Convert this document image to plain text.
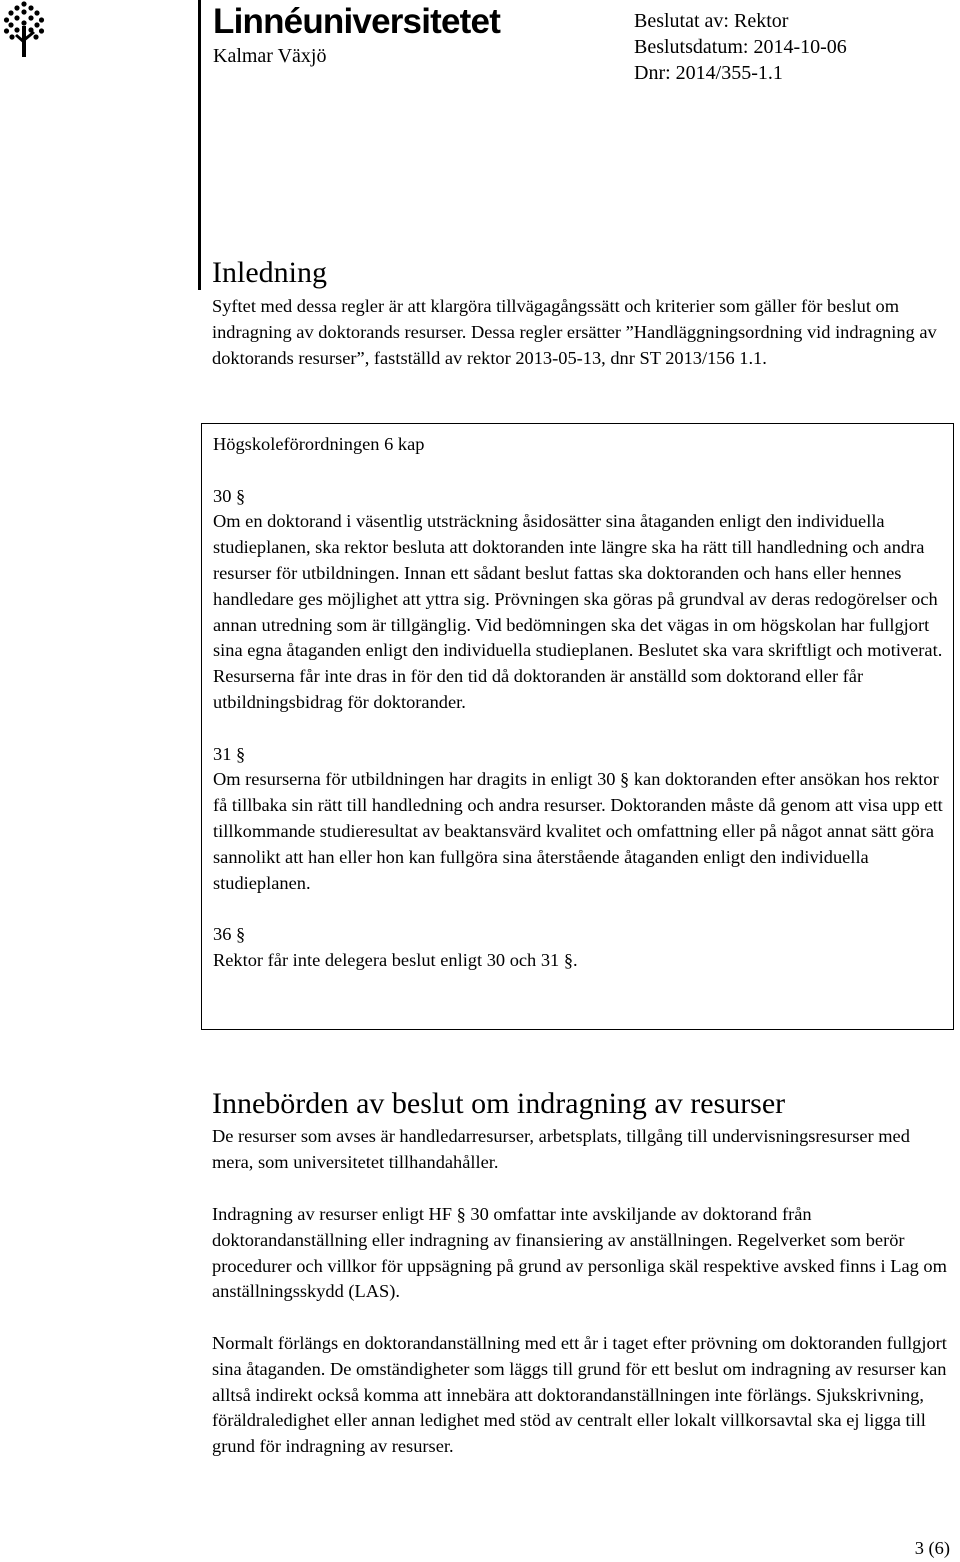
Linnéuniversitetet
Kalmar Växjö
Beslutat av: Rektor
Beslutsdatum: 2014-10-06
Dnr: 2014/355-1.1
Inledning

Syftet med dessa regler är att klargöra tillvägagångssätt och kriterier som gäller för beslut om indragning av doktorands resurser. Dessa regler ersätter ”Handläggningsordning vid indragning av doktorands resurser”, fastställd av rektor 2013-05-13, dnr ST 2013/156 1.1.

Högskoleförordningen 6 kap

30 §

Om en doktorand i väsentlig utsträckning åsidosätter sina åtaganden enligt den individuella studieplanen, ska rektor besluta att doktoranden inte längre ska ha rätt till handledning och andra resurser för utbildningen. Innan ett sådant beslut fattas ska doktoranden och hans eller hennes handledare ges möjlighet att yttra sig. Prövningen ska göras på grundval av deras redogörelser och annan utredning som är tillgänglig. Vid bedömningen ska det vägas in om högskolan har fullgjort sina egna åtaganden enligt den individuella studieplanen. Beslutet ska vara skriftligt och motiverat. Resurserna får inte dras in för den tid då doktoranden är anställd som doktorand eller får utbildningsbidrag för doktorander.

31 §

Om resurserna för utbildningen har dragits in enligt 30 § kan doktoranden efter ansökan hos rektor få tillbaka sin rätt till handledning och andra resurser. Doktoranden måste då genom att visa upp ett tillkommande studieresultat av beaktansvärd kvalitet och omfattning eller på något annat sätt göra sannolikt att han eller hon kan fullgöra sina återstående åtaganden enligt den individuella studieplanen.

36 §

Rektor får inte delegera beslut enligt 30 och 31 §.

Innebörden av beslut om indragning av resurser

De resurser som avses är handledarresurser, arbetsplats, tillgång till undervisningsresurser med mera, som universitetet tillhandahåller.

Indragning av resurser enligt HF § 30 omfattar inte avskiljande av doktorand från doktorandanställning eller indragning av finansiering av anställningen. Regelverket som berör procedurer och villkor för uppsägning på grund av personliga skäl respektive avsked finns i Lag om anställningsskydd (LAS).

Normalt förlängs en doktorandanställning med ett år i taget efter prövning om doktoranden fullgjort sina åtaganden. De omständigheter som läggs till grund för ett beslut om indragning av resurser kan alltså indirekt också komma att innebära att doktorandanställningen inte förlängs. Sjukskrivning, föräldraledighet eller annan ledighet med stöd av centralt eller lokalt villkorsavtal ska ej ligga till grund för indragning av resurser.

3 (6)
